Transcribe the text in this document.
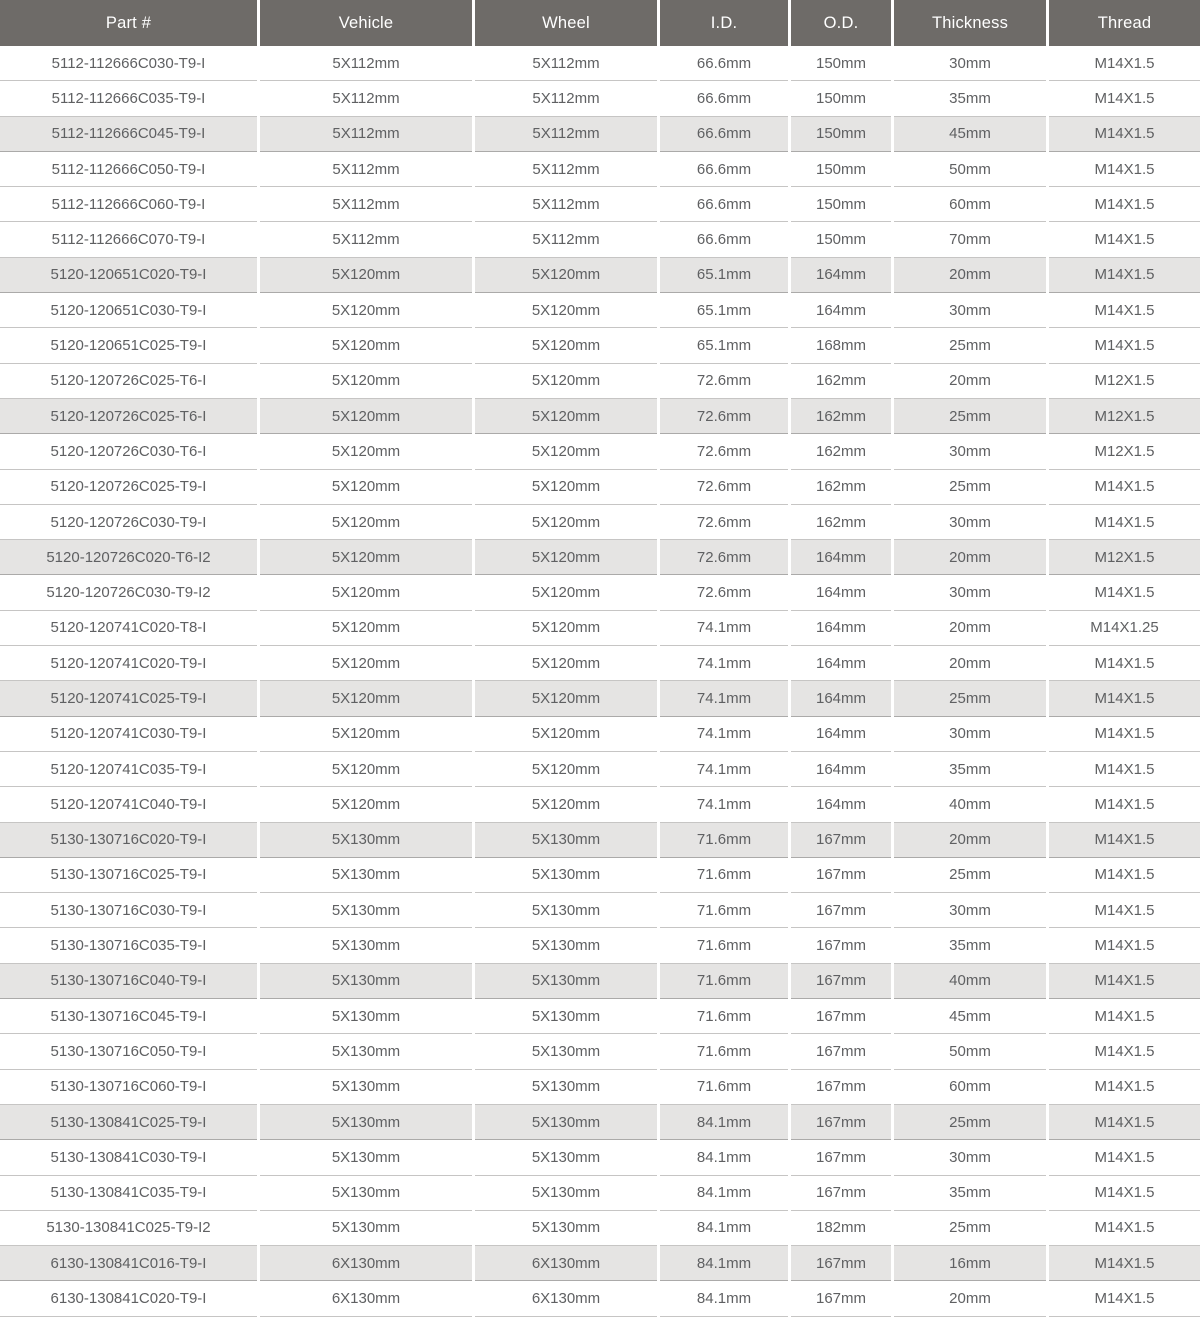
Part #	Vehicle	Wheel	I.D.	O.D.	Thickness	Thread
5112-112666C030-T9-I	5X112mm	5X112mm	66.6mm	150mm	30mm	M14X1.5
5112-112666C035-T9-I	5X112mm	5X112mm	66.6mm	150mm	35mm	M14X1.5
5112-112666C045-T9-I	5X112mm	5X112mm	66.6mm	150mm	45mm	M14X1.5
5112-112666C050-T9-I	5X112mm	5X112mm	66.6mm	150mm	50mm	M14X1.5
5112-112666C060-T9-I	5X112mm	5X112mm	66.6mm	150mm	60mm	M14X1.5
5112-112666C070-T9-I	5X112mm	5X112mm	66.6mm	150mm	70mm	M14X1.5
5120-120651C020-T9-I	5X120mm	5X120mm	65.1mm	164mm	20mm	M14X1.5
5120-120651C030-T9-I	5X120mm	5X120mm	65.1mm	164mm	30mm	M14X1.5
5120-120651C025-T9-I	5X120mm	5X120mm	65.1mm	168mm	25mm	M14X1.5
5120-120726C025-T6-I	5X120mm	5X120mm	72.6mm	162mm	20mm	M12X1.5
5120-120726C025-T6-I	5X120mm	5X120mm	72.6mm	162mm	25mm	M12X1.5
5120-120726C030-T6-I	5X120mm	5X120mm	72.6mm	162mm	30mm	M12X1.5
5120-120726C025-T9-I	5X120mm	5X120mm	72.6mm	162mm	25mm	M14X1.5
5120-120726C030-T9-I	5X120mm	5X120mm	72.6mm	162mm	30mm	M14X1.5
5120-120726C020-T6-I2	5X120mm	5X120mm	72.6mm	164mm	20mm	M12X1.5
5120-120726C030-T9-I2	5X120mm	5X120mm	72.6mm	164mm	30mm	M14X1.5
5120-120741C020-T8-I	5X120mm	5X120mm	74.1mm	164mm	20mm	M14X1.25
5120-120741C020-T9-I	5X120mm	5X120mm	74.1mm	164mm	20mm	M14X1.5
5120-120741C025-T9-I	5X120mm	5X120mm	74.1mm	164mm	25mm	M14X1.5
5120-120741C030-T9-I	5X120mm	5X120mm	74.1mm	164mm	30mm	M14X1.5
5120-120741C035-T9-I	5X120mm	5X120mm	74.1mm	164mm	35mm	M14X1.5
5120-120741C040-T9-I	5X120mm	5X120mm	74.1mm	164mm	40mm	M14X1.5
5130-130716C020-T9-I	5X130mm	5X130mm	71.6mm	167mm	20mm	M14X1.5
5130-130716C025-T9-I	5X130mm	5X130mm	71.6mm	167mm	25mm	M14X1.5
5130-130716C030-T9-I	5X130mm	5X130mm	71.6mm	167mm	30mm	M14X1.5
5130-130716C035-T9-I	5X130mm	5X130mm	71.6mm	167mm	35mm	M14X1.5
5130-130716C040-T9-I	5X130mm	5X130mm	71.6mm	167mm	40mm	M14X1.5
5130-130716C045-T9-I	5X130mm	5X130mm	71.6mm	167mm	45mm	M14X1.5
5130-130716C050-T9-I	5X130mm	5X130mm	71.6mm	167mm	50mm	M14X1.5
5130-130716C060-T9-I	5X130mm	5X130mm	71.6mm	167mm	60mm	M14X1.5
5130-130841C025-T9-I	5X130mm	5X130mm	84.1mm	167mm	25mm	M14X1.5
5130-130841C030-T9-I	5X130mm	5X130mm	84.1mm	167mm	30mm	M14X1.5
5130-130841C035-T9-I	5X130mm	5X130mm	84.1mm	167mm	35mm	M14X1.5
5130-130841C025-T9-I2	5X130mm	5X130mm	84.1mm	182mm	25mm	M14X1.5
6130-130841C016-T9-I	6X130mm	6X130mm	84.1mm	167mm	16mm	M14X1.5
6130-130841C020-T9-I	6X130mm	6X130mm	84.1mm	167mm	20mm	M14X1.5
